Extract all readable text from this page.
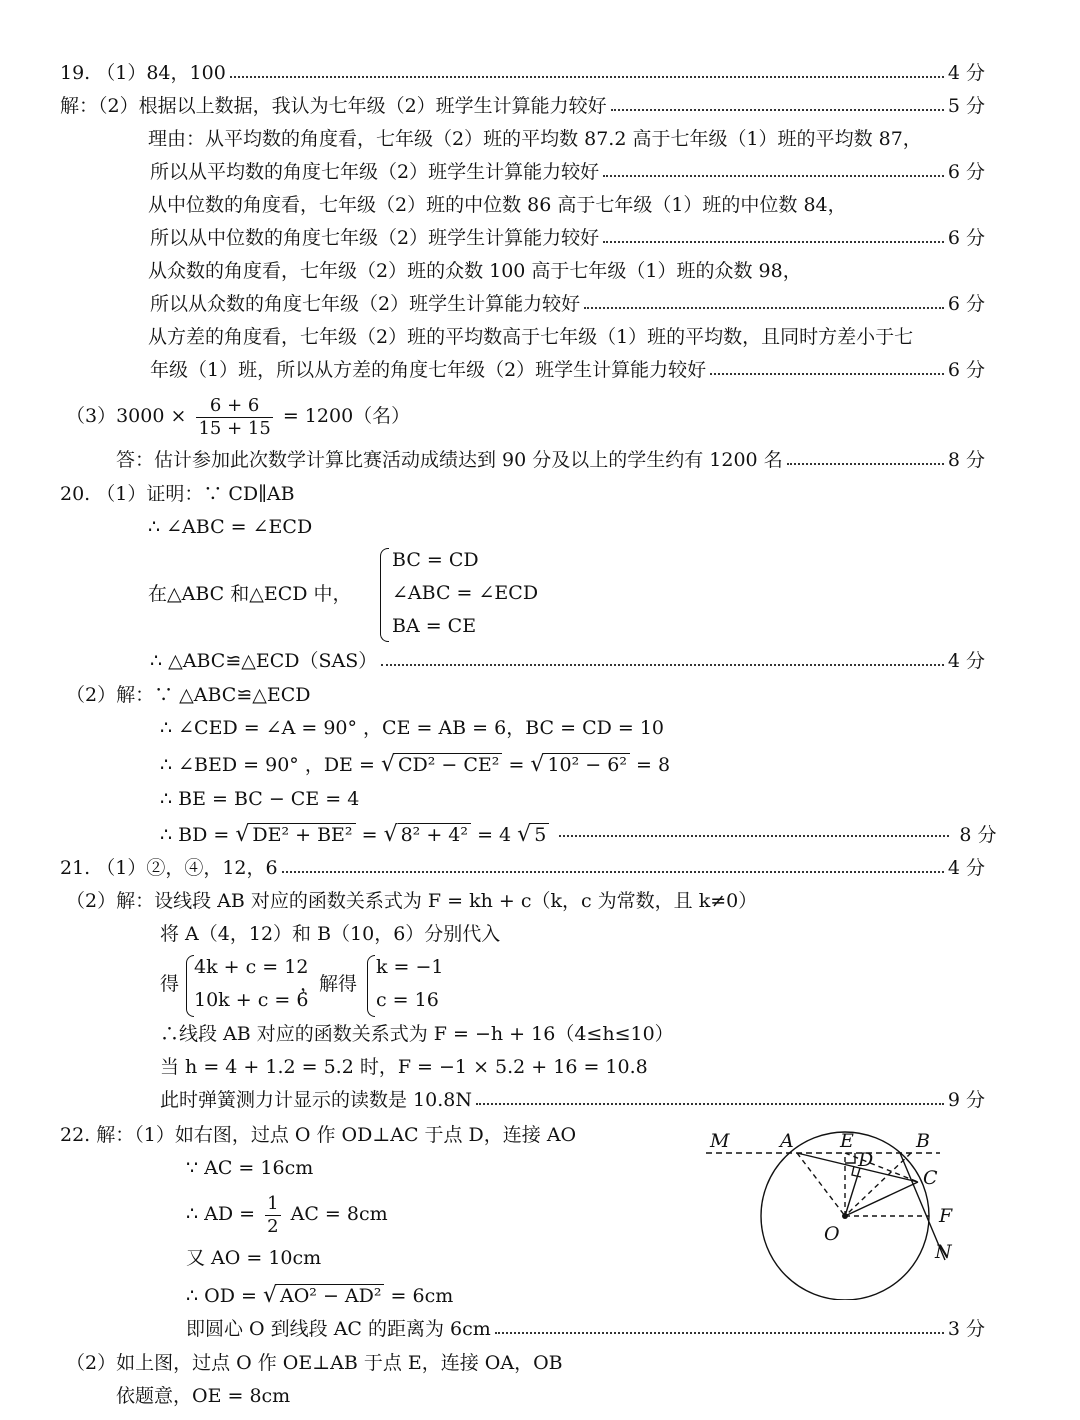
19. （1）84，100	4 分
解：（2）根据以上数据，我认为七年级（2）班学生计算能力较好	5 分
理由：从平均数的角度看，七年级（2）班的平均数 87.2 高于七年级（1）班的平均数 87，
所以从平均数的角度七年级（2）班学生计算能力较好	6 分
从中位数的角度看，七年级（2）班的中位数 86 高于七年级（1）班的中位数 84，
所以从中位数的角度七年级（2）班学生计算能力较好	6 分
从众数的角度看，七年级（2）班的众数 100 高于七年级（1）班的众数 98，
所以从众数的角度七年级（2）班学生计算能力较好	6 分
从方差的角度看，七年级（2）班的平均数高于七年级（1）班的平均数，且同时方差小于七
年级（1）班，所以从方差的角度七年级（2）班学生计算能力较好	6 分
$(3)3000 \times \frac{6 + 6}{15 + 15} = 1200$（名）
答：估计参加此次数学计算比赛活动成绩达到 90 分及以上的学生约有 1200 名	8 分
20. （1）证明：∵ CD∥AB
∴ ∠ABC = ∠ECD
在△ABC 和△ECD 中，
BC = CD
∠ABC = ∠ECD
BA = CE
∴ △ABC≌△ECD（SAS）	4 分
（2）解：∵ △ABC≌△ECD
∴ ∠CED = ∠A = 90° ，CE = AB = 6，BC = CD = 10
∴ ∠BED = 90° ，DE = √ CD² − CE² = √ 10² − 6² = 8
∴ BE = BC − CE = 4
∴ BD = √ DE² + BE² = √ 8² + 4² = 4 √ 5	8 分
21. （1）②，④，12，6	4 分
（2）解：设线段 AB 对应的函数关系式为 F = kh + c（k，c 为常数，且 k≠0）
将 A（4，12）和 B（10，6）分别代入
得
4k + c = 12
10k + c = 6
，解得
k = −1
c = 16
∴线段 AB 对应的函数关系式为 F = −h + 16（4≤h≤10）
当 h = 4 + 1.2 = 5.2 时，F = −1 × 5.2 + 16 = 10.8
此时弹簧测力计显示的读数是 10.8N	9 分
22. 解：（1）如右图，过点 O 作 OD⊥AC 于点 D，连接 AO
∵ AC = 16cm
∴ AD = $\frac{1}{2}$ AC = 8cm
又 AO = 10cm
∴ OD = √ AO² − AD² = 6cm
即圆心 O 到线段 AC 的距离为 6cm	3 分
（2）如上图，过点 O 作 OE⊥AB 于点 E，连接 OA，OB
依题意，OE = 8cm
M	A E	B
D
C
F
O
N
